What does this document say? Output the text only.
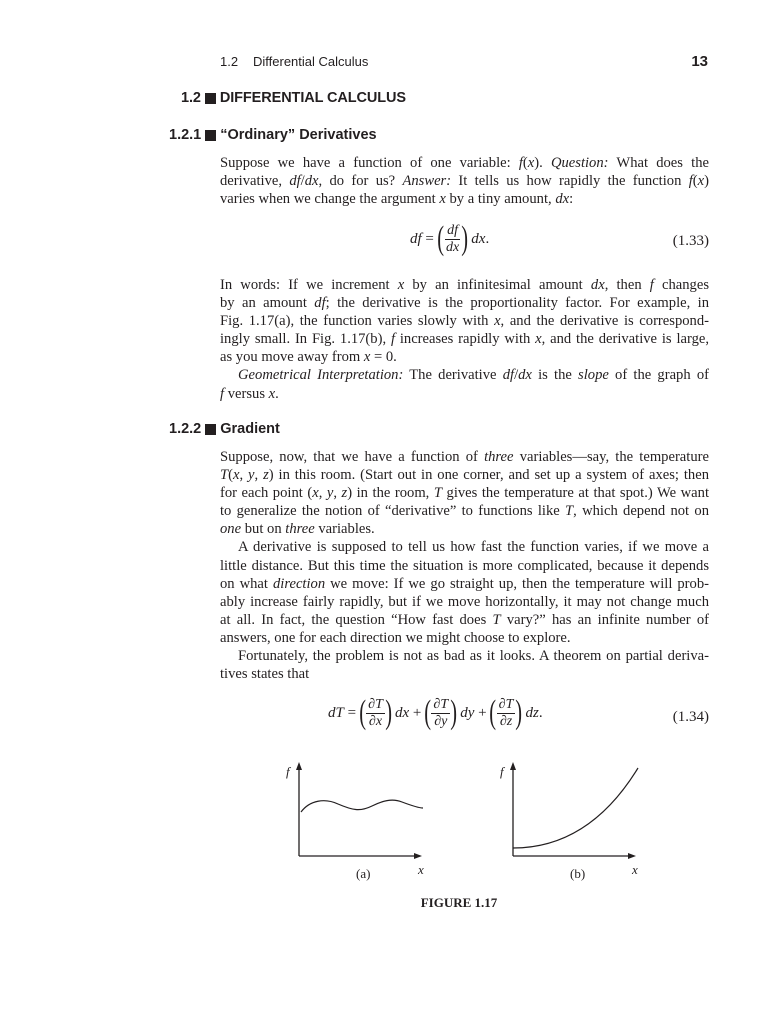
1.2 Differential Calculus	13
1.2 DIFFERENTIAL CALCULUS
1.2.1 “Ordinary” Derivatives
Suppose we have a function of one variable: f(x). Question: What does the
derivative, df/dx, do for us? Answer: It tells us how rapidly the function f(x)
varies when we change the argument x by a tiny amount, dx:
df = ( $\frac{df}{dx}$ )
dx .	(1.33)
In words: If we increment x by an infinitesimal amount dx, then f changes
by an amount df; the derivative is the proportionality factor. For example, in
Fig. 1.17(a), the function varies slowly with x, and the derivative is correspond-
ingly small. In Fig. 1.17(b), f increases rapidly with x, and the derivative is large,
as you move away from x = 0.
Geometrical Interpretation: The derivative df/dx is the slope of the graph of
f versus x.
1.2.2 Gradient
Suppose, now, that we have a function of three variables—say, the temperature
T(x, y, z) in this room. (Start out in one corner, and set up a system of axes; then
for each point (x, y, z) in the room, T gives the temperature at that spot.) We want
to generalize the notion of “derivative” to functions like T, which depend not on
one but on three variables.
A derivative is supposed to tell us how fast the function varies, if we move a
little distance. But this time the situation is more complicated, because it depends
on what direction we move: If we go straight up, then the temperature will prob-
ably increase fairly rapidly, but if we move horizontally, it may not change much
at all. In fact, the question “How fast does T vary?” has an infinite number of
answers, one for each direction we might choose to explore.
Fortunately, the problem is not as bad as it looks. A theorem on partial deriva-
tives states that
dT = ( $\frac{\partial T}{\partial x}$ )
dx + ( $\frac{\partial T}{\partial y}$ )
dy + ( $\frac{\partial T}{\partial z}$ )
dz .	(1.34)
f
x
(a)
f
x
(b)
FIGURE 1.17
